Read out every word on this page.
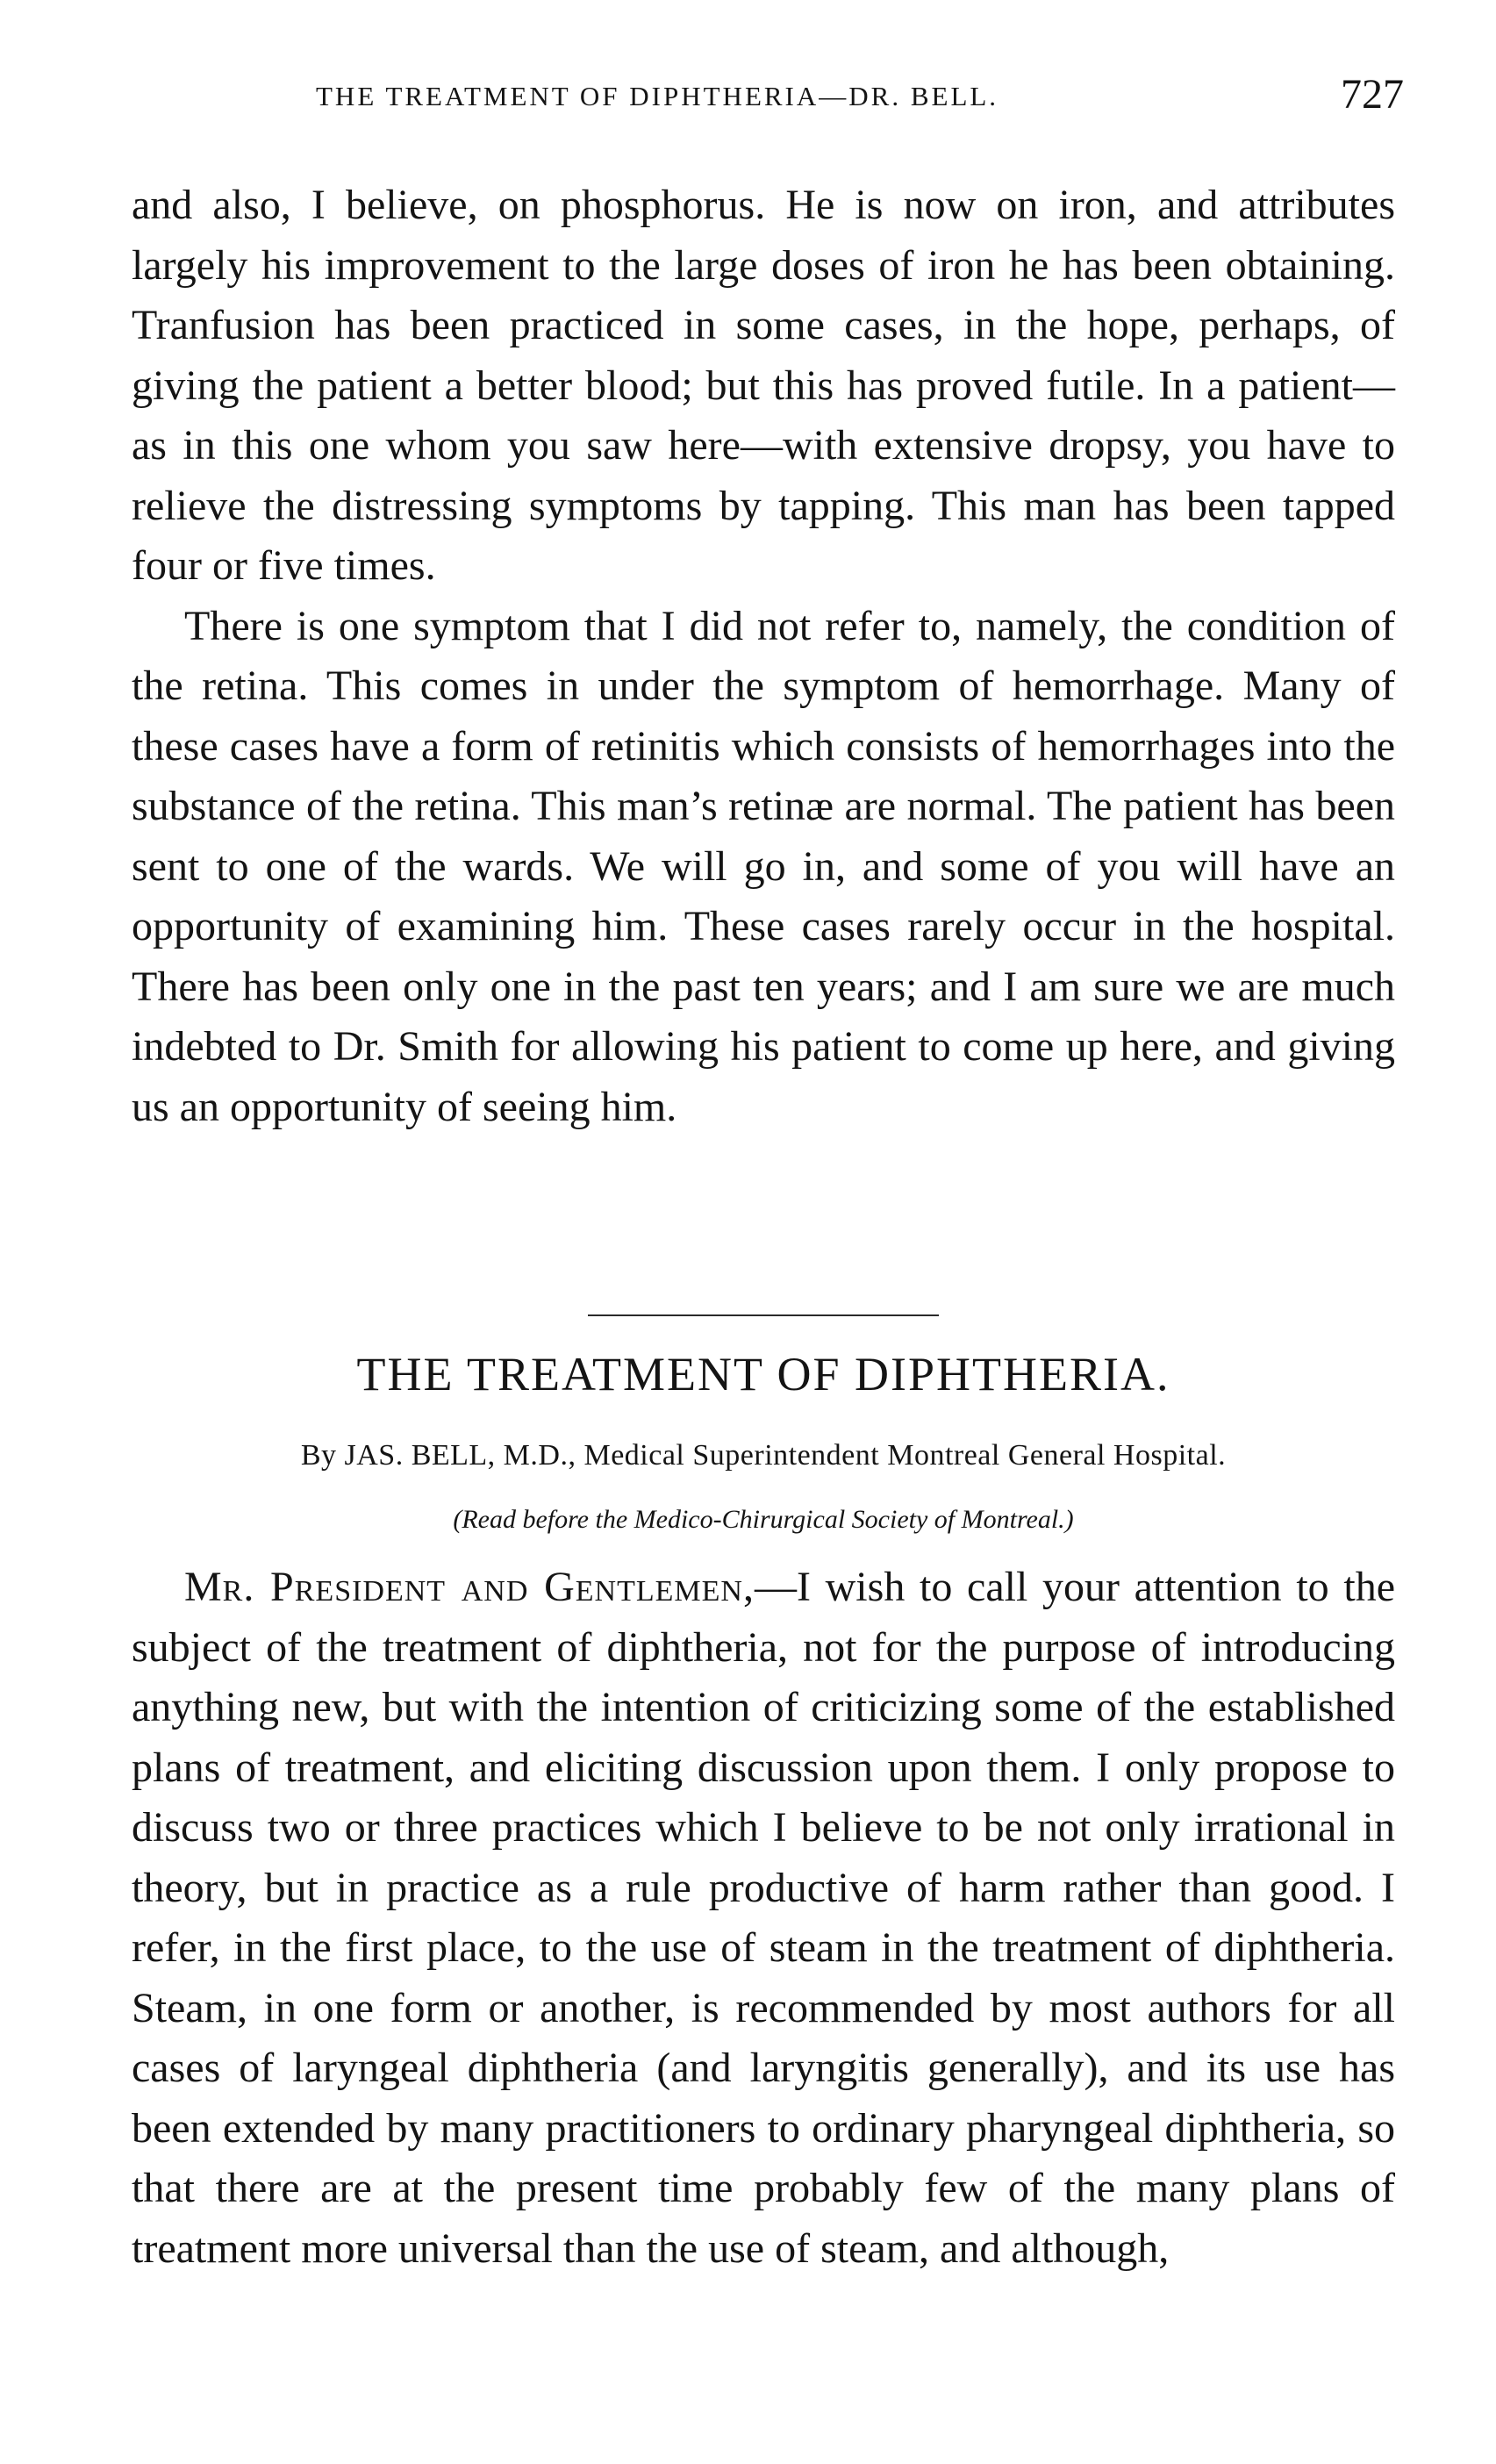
THE TREATMENT OF DIPHTHERIA—DR. BELL.	727

and also, I believe, on phosphorus. He is now on iron, and attributes largely his improvement to the large doses of iron he has been obtaining. Tranfusion has been practiced in some cases, in the hope, perhaps, of giving the patient a better blood; but this has proved futile. In a patient—as in this one whom you saw here—with extensive dropsy, you have to relieve the distressing symptoms by tapping. This man has been tapped four or five times.

There is one symptom that I did not refer to, namely, the condition of the retina. This comes in under the symptom of hemorrhage. Many of these cases have a form of retinitis which consists of hemorrhages into the substance of the retina. This man’s retinæ are normal. The patient has been sent to one of the wards. We will go in, and some of you will have an opportunity of examining him. These cases rarely occur in the hospital. There has been only one in the past ten years; and I am sure we are much indebted to Dr. Smith for allowing his patient to come up here, and giving us an opportunity of seeing him.

THE TREATMENT OF DIPHTHERIA.
By JAS. BELL, M.D., Medical Superintendent Montreal General Hospital.
(Read before the Medico-Chirurgical Society of Montreal.)

Mr. President and Gentlemen,—I wish to call your attention to the subject of the treatment of diphtheria, not for the purpose of introducing anything new, but with the intention of criticizing some of the established plans of treatment, and eliciting discussion upon them. I only propose to discuss two or three practices which I believe to be not only irrational in theory, but in practice as a rule productive of harm rather than good. I refer, in the first place, to the use of steam in the treatment of diphtheria. Steam, in one form or another, is recommended by most authors for all cases of laryngeal diphtheria (and laryngitis generally), and its use has been extended by many practitioners to ordinary pharyngeal diphtheria, so that there are at the present time probably few of the many plans of treatment more universal than the use of steam, and although,
